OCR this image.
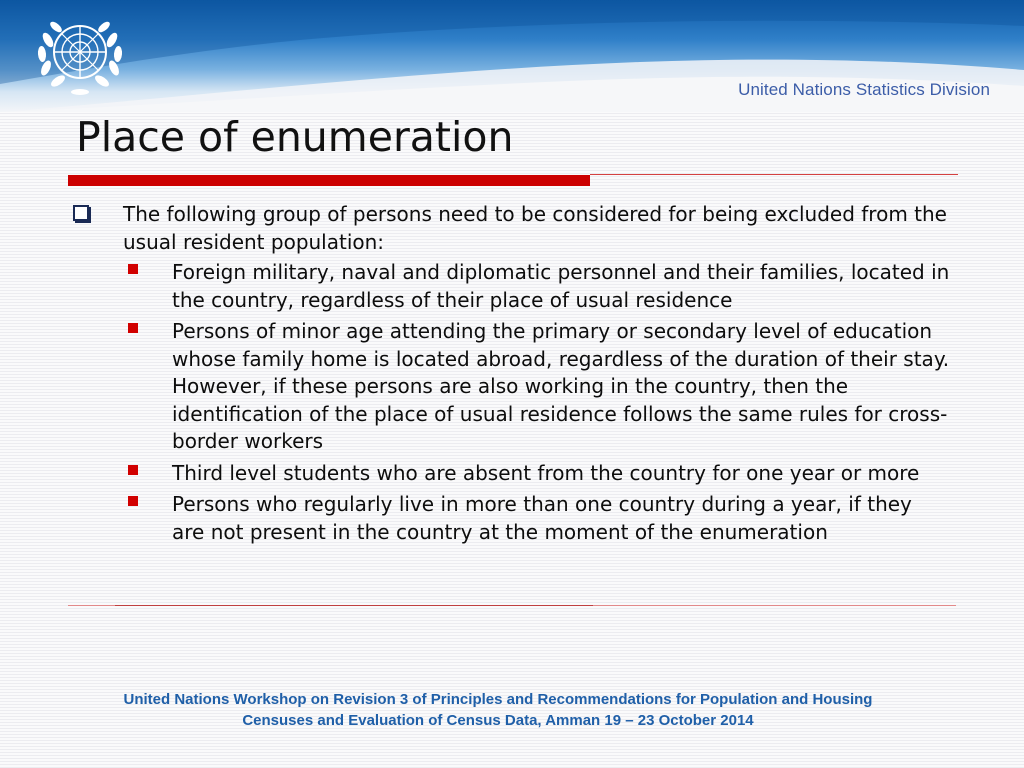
United Nations Statistics Division
Place of enumeration
The following group of persons need to be considered for being excluded from the usual resident population:
Foreign military, naval and diplomatic personnel and their families, located in the country, regardless of their place of usual residence
Persons of minor age attending the primary or secondary level of education whose family home is located abroad, regardless of the duration of their stay. However, if these persons are also working in the country, then the identification of the place of usual residence follows the same rules for cross-border workers
Third level students who are absent from the country for one year or more
Persons who regularly live in more than one country during a year, if they are not present in the country at the moment of the enumeration
United Nations Workshop on Revision 3 of Principles and Recommendations for Population and Housing
Censuses and Evaluation of Census Data, Amman 19 – 23 October 2014
